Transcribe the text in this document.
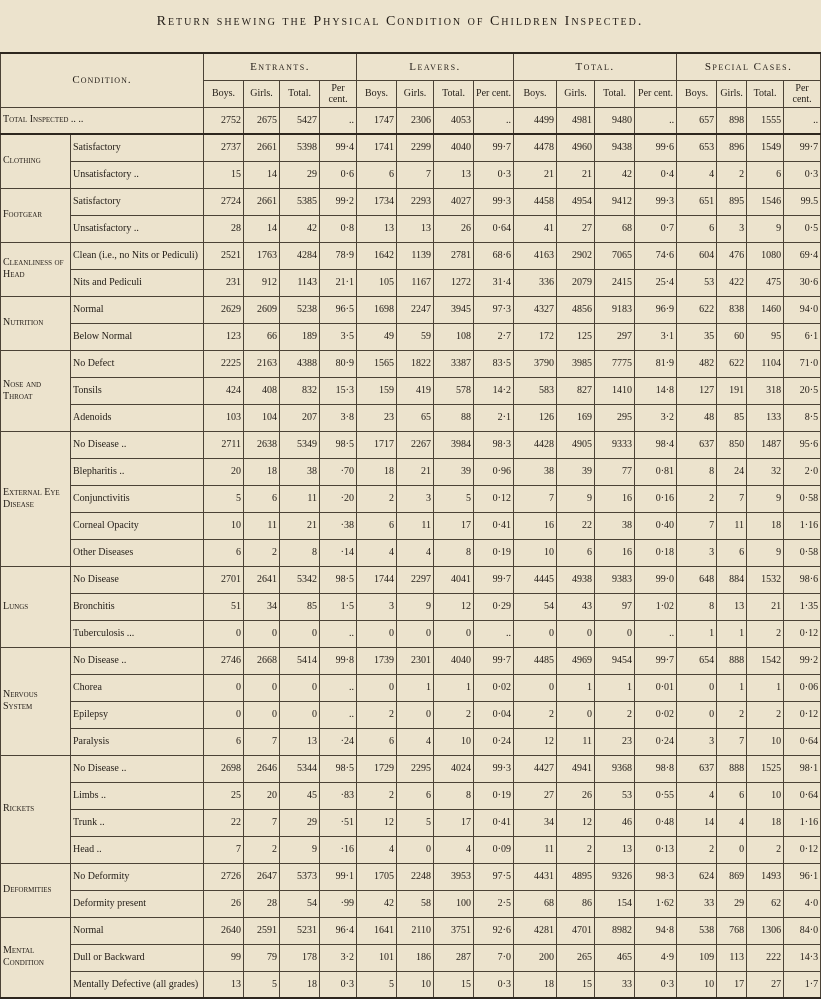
Return shewing the Physical Condition of Children Inspected.
Condition.		Entrants.				Leavers.				Total.				Special Cases.			
		Boys.	Girls.	Total.	Per cent.	Boys.	Girls.	Total.	Per cent.	Boys.	Girls.	Total.	Per cent.	Boys.	Girls.	Total.	Per cent.
Total Inspected .. ..		2752	2675	5427	..	1747	2306	4053	..	4499	4981	9480	..	657	898	1555	..
Clothing	Satisfactory	2737	2661	5398	99·4	1741	2299	4040	99·7	4478	4960	9438	99·6	653	896	1549	99·7
	Unsatisfactory ..	15	14	29	0·6	6	7	13	0·3	21	21	42	0·4	4	2	6	0·3
Footgear	Satisfactory	2724	2661	5385	99·2	1734	2293	4027	99·3	4458	4954	9412	99·3	651	895	1546	99.5
	Unsatisfactory ..	28	14	42	0·8	13	13	26	0·64	41	27	68	0·7	6	3	9	0·5
Cleanliness of Head	Clean (i.e., no Nits or Pediculi)	2521	1763	4284	78·9	1642	1139	2781	68·6	4163	2902	7065	74·6	604	476	1080	69·4
	Nits and Pediculi	231	912	1143	21·1	105	1167	1272	31·4	336	2079	2415	25·4	53	422	475	30·6
Nutrition	Normal	2629	2609	5238	96·5	1698	2247	3945	97·3	4327	4856	9183	96·9	622	838	1460	94·0
	Below Normal	123	66	189	3·5	49	59	108	2·7	172	125	297	3·1	35	60	95	6·1
Nose and Throat	No Defect	2225	2163	4388	80·9	1565	1822	3387	83·5	3790	3985	7775	81·9	482	622	1104	71·0
	Tonsils	424	408	832	15·3	159	419	578	14·2	583	827	1410	14·8	127	191	318	20·5
	Adenoids	103	104	207	3·8	23	65	88	2·1	126	169	295	3·2	48	85	133	8·5
External Eye Disease	No Disease ..	2711	2638	5349	98·5	1717	2267	3984	98·3	4428	4905	9333	98·4	637	850	1487	95·6
	Blepharitis ..	20	18	38	·70	18	21	39	0·96	38	39	77	0·81	8	24	32	2·0
	Conjunctivitis	5	6	11	·20	2	3	5	0·12	7	9	16	0·16	2	7	9	0·58
	Corneal Opacity	10	11	21	·38	6	11	17	0·41	16	22	38	0·40	7	11	18	1·16
	Other Diseases	6	2	8	·14	4	4	8	0·19	10	6	16	0·18	3	6	9	0·58
Lungs	No Disease	2701	2641	5342	98·5	1744	2297	4041	99·7	4445	4938	9383	99·0	648	884	1532	98·6
	Bronchitis	51	34	85	1·5	3	9	12	0·29	54	43	97	1·02	8	13	21	1·35
	Tuberculosis ...	0	0	0	..	0	0	0	..	0	0	0	..	1	1	2	0·12
Nervous System	No Disease ..	2746	2668	5414	99·8	1739	2301	4040	99·7	4485	4969	9454	99·7	654	888	1542	99·2
	Chorea	0	0	0	..	0	1	1	0·02	0	1	1	0·01	0	1	1	0·06
	Epilepsy	0	0	0	..	2	0	2	0·04	2	0	2	0·02	0	2	2	0·12
	Paralysis	6	7	13	·24	6	4	10	0·24	12	11	23	0·24	3	7	10	0·64
Rickets	No Disease ..	2698	2646	5344	98·5	1729	2295	4024	99·3	4427	4941	9368	98·8	637	888	1525	98·1
	Limbs ..	25	20	45	·83	2	6	8	0·19	27	26	53	0·55	4	6	10	0·64
	Trunk ..	22	7	29	·51	12	5	17	0·41	34	12	46	0·48	14	4	18	1·16
	Head ..	7	2	9	·16	4	0	4	0·09	11	2	13	0·13	2	0	2	0·12
Deformities	No Deformity	2726	2647	5373	99·1	1705	2248	3953	97·5	4431	4895	9326	98·3	624	869	1493	96·1
	Deformity present	26	28	54	·99	42	58	100	2·5	68	86	154	1·62	33	29	62	4·0
Mental Condition	Normal	2640	2591	5231	96·4	1641	2110	3751	92·6	4281	4701	8982	94·8	538	768	1306	84·0
	Dull or Backward	99	79	178	3·2	101	186	287	7·0	200	265	465	4·9	109	113	222	14·3
	Mentally Defective (all grades)	13	5	18	0·3	5	10	15	0·3	18	15	33	0·3	10	17	27	1·7
